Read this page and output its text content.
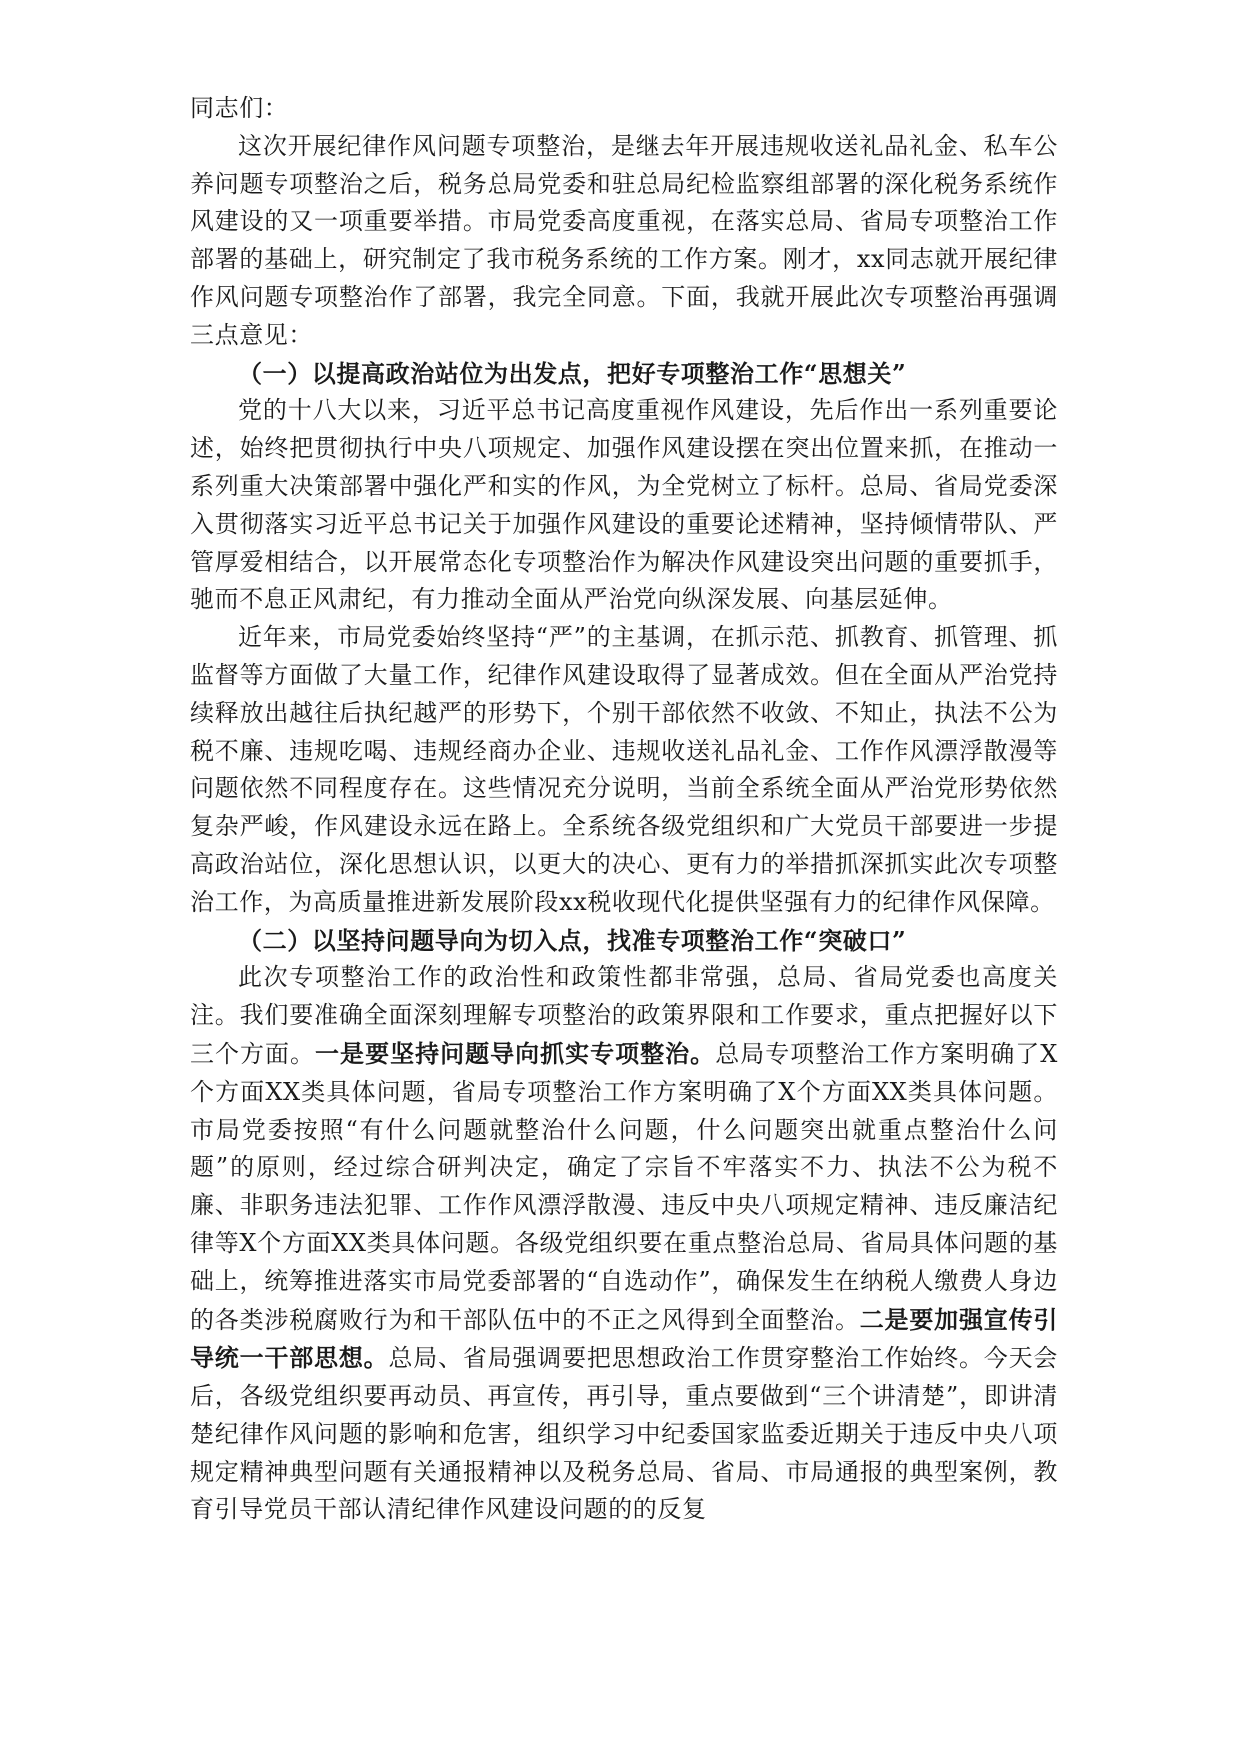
同志们：

这次开展纪律作风问题专项整治，是继去年开展违规收送礼品礼金、私车公养问题专项整治之后，税务总局党委和驻总局纪检监察组部署的深化税务系统作风建设的又一项重要举措。市局党委高度重视，在落实总局、省局专项整治工作部署的基础上，研究制定了我市税务系统的工作方案。刚才，xx同志就开展纪律作风问题专项整治作了部署，我完全同意。下面，我就开展此次专项整治再强调三点意见：

（一）以提高政治站位为出发点，把好专项整治工作“思想关”

党的十八大以来，习近平总书记高度重视作风建设，先后作出一系列重要论述，始终把贯彻执行中央八项规定、加强作风建设摆在突出位置来抓，在推动一系列重大决策部署中强化严和实的作风，为全党树立了标杆。总局、省局党委深入贯彻落实习近平总书记关于加强作风建设的重要论述精神，坚持倾情带队、严管厚爱相结合，以开展常态化专项整治作为解决作风建设突出问题的重要抓手，驰而不息正风肃纪，有力推动全面从严治党向纵深发展、向基层延伸。

近年来，市局党委始终坚持“严”的主基调，在抓示范、抓教育、抓管理、抓监督等方面做了大量工作，纪律作风建设取得了显著成效。但在全面从严治党持续释放出越往后执纪越严的形势下，个别干部依然不收敛、不知止，执法不公为税不廉、违规吃喝、违规经商办企业、违规收送礼品礼金、工作作风漂浮散漫等问题依然不同程度存在。这些情况充分说明，当前全系统全面从严治党形势依然复杂严峻，作风建设永远在路上。全系统各级党组织和广大党员干部要进一步提高政治站位，深化思想认识，以更大的决心、更有力的举措抓深抓实此次专项整治工作，为高质量推进新发展阶段xx税收现代化提供坚强有力的纪律作风保障。

（二）以坚持问题导向为切入点，找准专项整治工作“突破口”

此次专项整治工作的政治性和政策性都非常强，总局、省局党委也高度关注。我们要准确全面深刻理解专项整治的政策界限和工作要求，重点把握好以下三个方面。一是要坚持问题导向抓实专项整治。总局专项整治工作方案明确了X个方面XX类具体问题，省局专项整治工作方案明确了X个方面XX类具体问题。市局党委按照“有什么问题就整治什么问题，什么问题突出就重点整治什么问题”的原则，经过综合研判决定，确定了宗旨不牢落实不力、执法不公为税不廉、非职务违法犯罪、工作作风漂浮散漫、违反中央八项规定精神、违反廉洁纪律等X个方面XX类具体问题。各级党组织要在重点整治总局、省局具体问题的基础上，统筹推进落实市局党委部署的“自选动作”，确保发生在纳税人缴费人身边的各类涉税腐败行为和干部队伍中的不正之风得到全面整治。二是要加强宣传引导统一干部思想。总局、省局强调要把思想政治工作贯穿整治工作始终。今天会后，各级党组织要再动员、再宣传，再引导，重点要做到“三个讲清楚”，即讲清楚纪律作风问题的影响和危害，组织学习中纪委国家监委近期关于违反中央八项规定精神典型问题有关通报精神以及税务总局、省局、市局通报的典型案例，教育引导党员干部认清纪律作风建设问题的的反复
